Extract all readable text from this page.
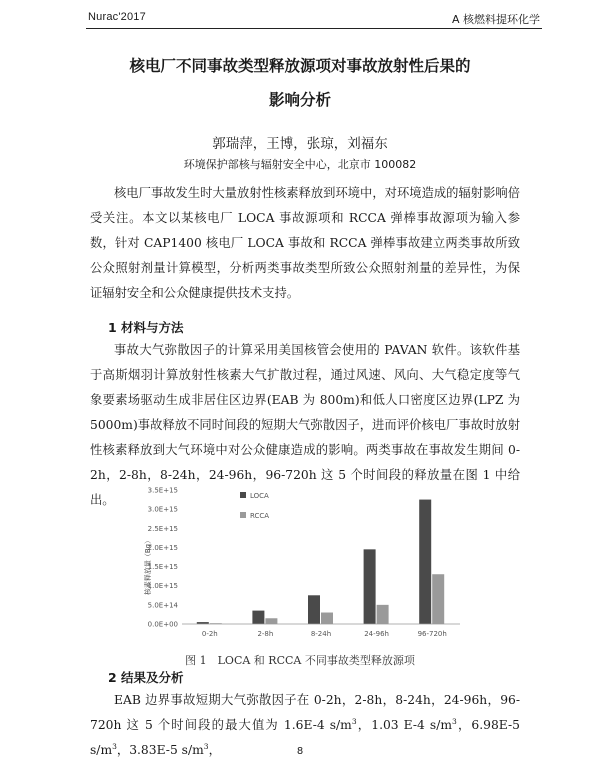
Nurac'2017	A 核燃料提环化学
核电厂不同事故类型释放源项对事故放射性后果的
影响分析
郭瑞萍，王博，张琼，刘福东
环境保护部核与辐射安全中心，北京市 100082
核电厂事故发生时大量放射性核素释放到环境中，对环境造成的辐射影响倍受关注。本文以某核电厂 LOCA 事故源项和 RCCA 弹棒事故源项为输入参数，针对 CAP1400 核电厂 LOCA 事故和 RCCA 弹棒事故建立两类事故所致公众照射剂量计算模型，分析两类事故类型所致公众照射剂量的差异性，为保证辐射安全和公众健康提供技术支持。
1 材料与方法
事故大气弥散因子的计算采用美国核管会使用的 PAVAN 软件。该软件基于高斯烟羽计算放射性核素大气扩散过程，通过风速、风向、大气稳定度等气象要素场驱动生成非居住区边界(EAB 为 800m)和低人口密度区边界(LPZ 为 5000m)事故释放不同时间段的短期大气弥散因子，进而评价核电厂事故时放射性核素释放到大气环境中对公众健康造成的影响。两类事故在事故发生期间 0-2h，2-8h，8-24h，24-96h，96-720h 这 5 个时间段的释放量在图 1 中给出。
0.0E+00
5.0E+14
1.0E+15
1.5E+15
2.0E+15
2.5E+15
3.0E+15
3.5E+15
0-2h	2-8h	8-24h	24-96h	96-720h
LOCA
RCCA
核素释放量（Bq）
图 1　LOCA 和 RCCA 不同事故类型释放源项
2 结果及分析
EAB 边界事故短期大气弥散因子在 0-2h，2-8h，8-24h，24-96h，96-720h 这 5 个时间段的最大值为 1.6E-4 $s/m^3$，1.03 E-4 $s/m^3$，6.98E-5 $s/m^3$，3.83E-5 $s/m^3$，	8
